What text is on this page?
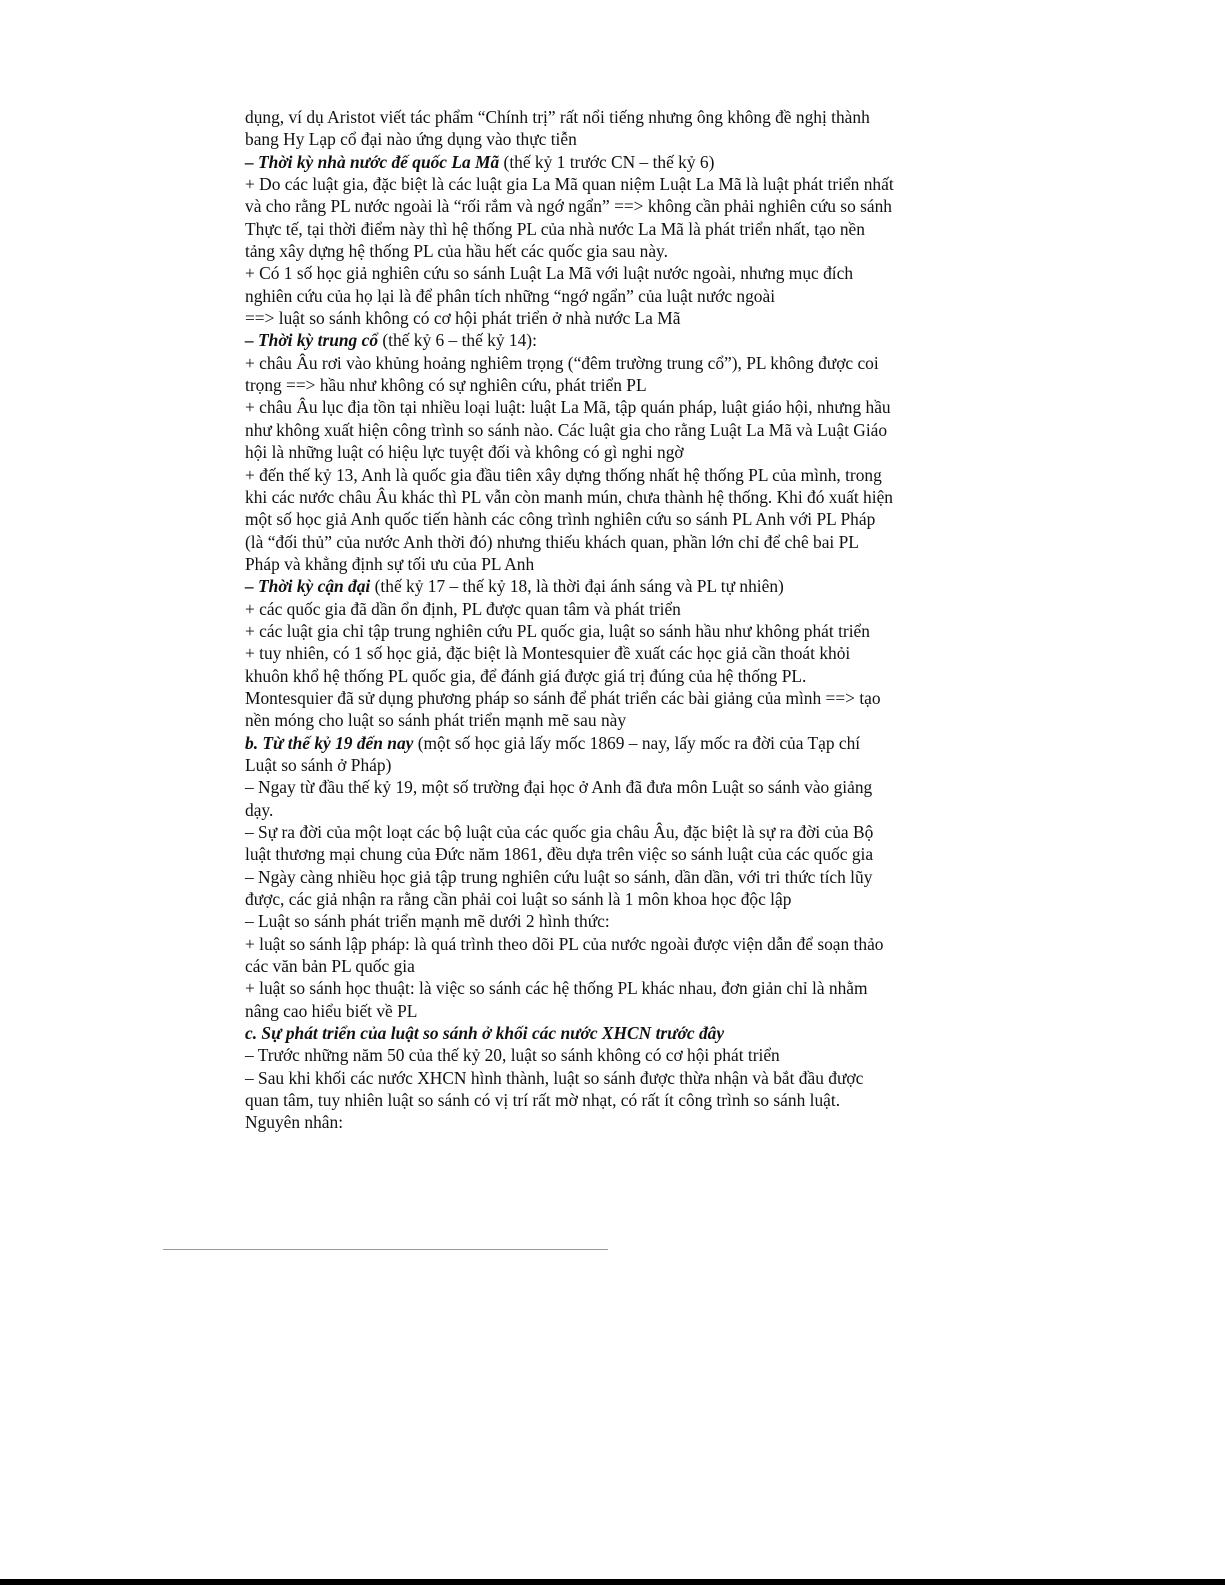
dụng, ví dụ Aristot viết tác phẩm “Chính trị” rất nổi tiếng nhưng ông không đề nghị thành
bang Hy Lạp cổ đại nào ứng dụng vào thực tiễn
– Thời kỳ nhà nước đế quốc La Mã (thế kỷ 1 trước CN – thế kỷ 6)
+ Do các luật gia, đặc biệt là các luật gia La Mã quan niệm Luật La Mã là luật phát triển nhất
và cho rằng PL nước ngoài là “rối rắm và ngớ ngẩn” ==> không cần phải nghiên cứu so sánh
Thực tế, tại thời điểm này thì hệ thống PL của nhà nước La Mã là phát triển nhất, tạo nền
tảng xây dựng hệ thống PL của hầu hết các quốc gia sau này.
+ Có 1 số học giả nghiên cứu so sánh Luật La Mã với luật nước ngoài, nhưng mục đích
nghiên cứu của họ lại là để phân tích những “ngớ ngẩn” của luật nước ngoài
==> luật so sánh không có cơ hội phát triển ở nhà nước La Mã
– Thời kỳ trung cổ (thế kỷ 6 – thế kỷ 14):
+ châu Âu rơi vào khủng hoảng nghiêm trọng (“đêm trường trung cổ”), PL không được coi
trọng ==> hầu như không có sự nghiên cứu, phát triển PL
+ châu Âu lục địa tồn tại nhiều loại luật: luật La Mã, tập quán pháp, luật giáo hội, nhưng hầu
như không xuất hiện công trình so sánh nào. Các luật gia cho rằng Luật La Mã và Luật Giáo
hội là những luật có hiệu lực tuyệt đối và không có gì nghi ngờ
+ đến thế kỷ 13, Anh là quốc gia đầu tiên xây dựng thống nhất hệ thống PL của mình, trong
khi các nước châu Âu khác thì PL vẫn còn manh mún, chưa thành hệ thống. Khi đó xuất hiện
một số học giả Anh quốc tiến hành các công trình nghiên cứu so sánh PL Anh với PL Pháp
(là “đối thủ” của nước Anh thời đó) nhưng thiếu khách quan, phần lớn chỉ để chê bai PL
Pháp và khẳng định sự tối ưu của PL Anh
– Thời kỳ cận đại (thế kỷ 17 – thế kỷ 18, là thời đại ánh sáng và PL tự nhiên)
+ các quốc gia đã dần ổn định, PL được quan tâm và phát triển
+ các luật gia chỉ tập trung nghiên cứu PL quốc gia, luật so sánh hầu như không phát triển
+ tuy nhiên, có 1 số học giả, đặc biệt là Montesquier đề xuất các học giả cần thoát khỏi
khuôn khổ hệ thống PL quốc gia, để đánh giá được giá trị đúng của hệ thống PL.
Montesquier đã sử dụng phương pháp so sánh để phát triển các bài giảng của mình ==> tạo
nền móng cho luật so sánh phát triển mạnh mẽ sau này
b. Từ thế kỷ 19 đến nay (một số học giả lấy mốc 1869 – nay, lấy mốc ra đời của Tạp chí
Luật so sánh ở Pháp)
– Ngay từ đầu thế kỷ 19, một số trường đại học ở Anh đã đưa môn Luật so sánh vào giảng
dạy.
– Sự ra đời của một loạt các bộ luật của các quốc gia châu Âu, đặc biệt là sự ra đời của Bộ
luật thương mại chung của Đức năm 1861, đều dựa trên việc so sánh luật của các quốc gia
– Ngày càng nhiều học giả tập trung nghiên cứu luật so sánh, dần dần, với tri thức tích lũy
được, các giả nhận ra rằng cần phải coi luật so sánh là 1 môn khoa học độc lập
– Luật so sánh phát triển mạnh mẽ dưới 2 hình thức:
+ luật so sánh lập pháp: là quá trình theo dõi PL của nước ngoài được viện dẫn để soạn thảo
các văn bản PL quốc gia
+ luật so sánh học thuật: là việc so sánh các hệ thống PL khác nhau, đơn giản chỉ là nhằm
nâng cao hiểu biết về PL
c. Sự phát triển của luật so sánh ở khối các nước XHCN trước đây
– Trước những năm 50 của thế kỷ 20, luật so sánh không có cơ hội phát triển
– Sau khi khối các nước XHCN hình thành, luật so sánh được thừa nhận và bắt đầu được
quan tâm, tuy nhiên luật so sánh có vị trí rất mờ nhạt, có rất ít công trình so sánh luật.
Nguyên nhân:
